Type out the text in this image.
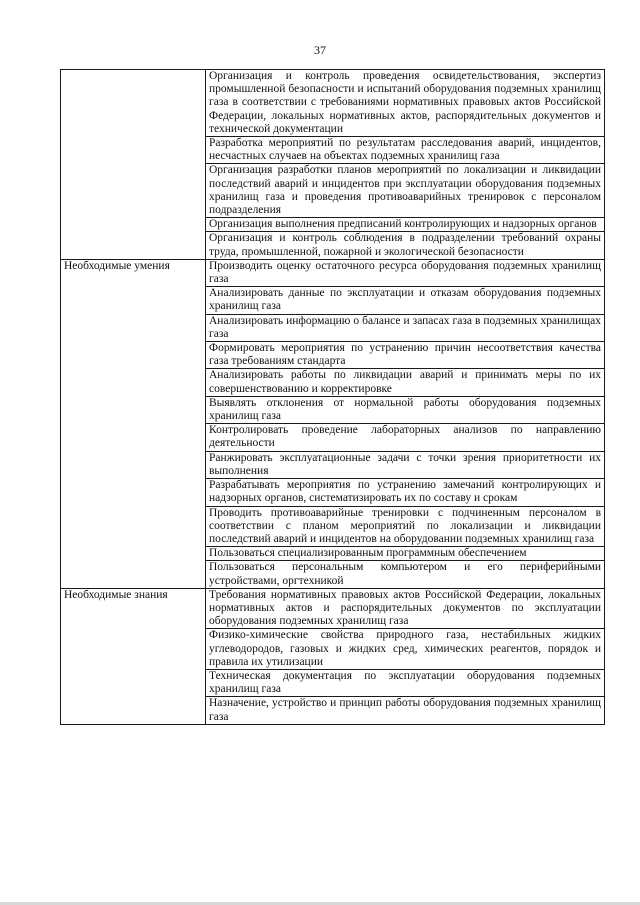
37
	Организация и контроль проведения освидетельствования, экспертиз промышленной безопасности и испытаний оборудования подземных хранилищ газа в соответствии с требованиями нормативных правовых актов Российской Федерации, локальных нормативных актов, распорядительных документов и технической документации
	Разработка мероприятий по результатам расследования аварий, инцидентов, несчастных случаев на объектах подземных хранилищ газа
	Организация разработки планов мероприятий по локализации и ликвидации последствий аварий и инцидентов при эксплуатации оборудования подземных хранилищ газа и проведения противоаварийных тренировок с персоналом подразделения
	Организация выполнения предписаний контролирующих и надзорных органов
	Организация и контроль соблюдения в подразделении требований охраны труда, промышленной, пожарной и экологической безопасности
Необходимые умения	Производить оценку остаточного ресурса оборудования подземных хранилищ газа
	Анализировать данные по эксплуатации и отказам оборудования подземных хранилищ газа
	Анализировать информацию о балансе и запасах газа в подземных хранилищах газа
	Формировать мероприятия по устранению причин несоответствия качества газа требованиям стандарта
	Анализировать работы по ликвидации аварий и принимать меры по их совершенствованию и корректировке
	Выявлять отклонения от нормальной работы оборудования подземных хранилищ газа
	Контролировать проведение лабораторных анализов по направлению деятельности
	Ранжировать эксплуатационные задачи с точки зрения приоритетности их выполнения
	Разрабатывать мероприятия по устранению замечаний контролирующих и надзорных органов, систематизировать их по составу и срокам
	Проводить противоаварийные тренировки с подчиненным персоналом в соответствии с планом мероприятий по локализации и ликвидации последствий аварий и инцидентов на оборудовании подземных хранилищ газа
	Пользоваться специализированным программным обеспечением
	Пользоваться персональным компьютером и его периферийными устройствами, оргтехникой
Необходимые знания	Требования нормативных правовых актов Российской Федерации, локальных нормативных актов и распорядительных документов по эксплуатации оборудования подземных хранилищ газа
	Физико-химические свойства природного газа, нестабильных жидких углеводородов, газовых и жидких сред, химических реагентов, порядок и правила их утилизации
	Техническая документация по эксплуатации оборудования подземных хранилищ газа
	Назначение, устройство и принцип работы оборудования подземных хранилищ газа
